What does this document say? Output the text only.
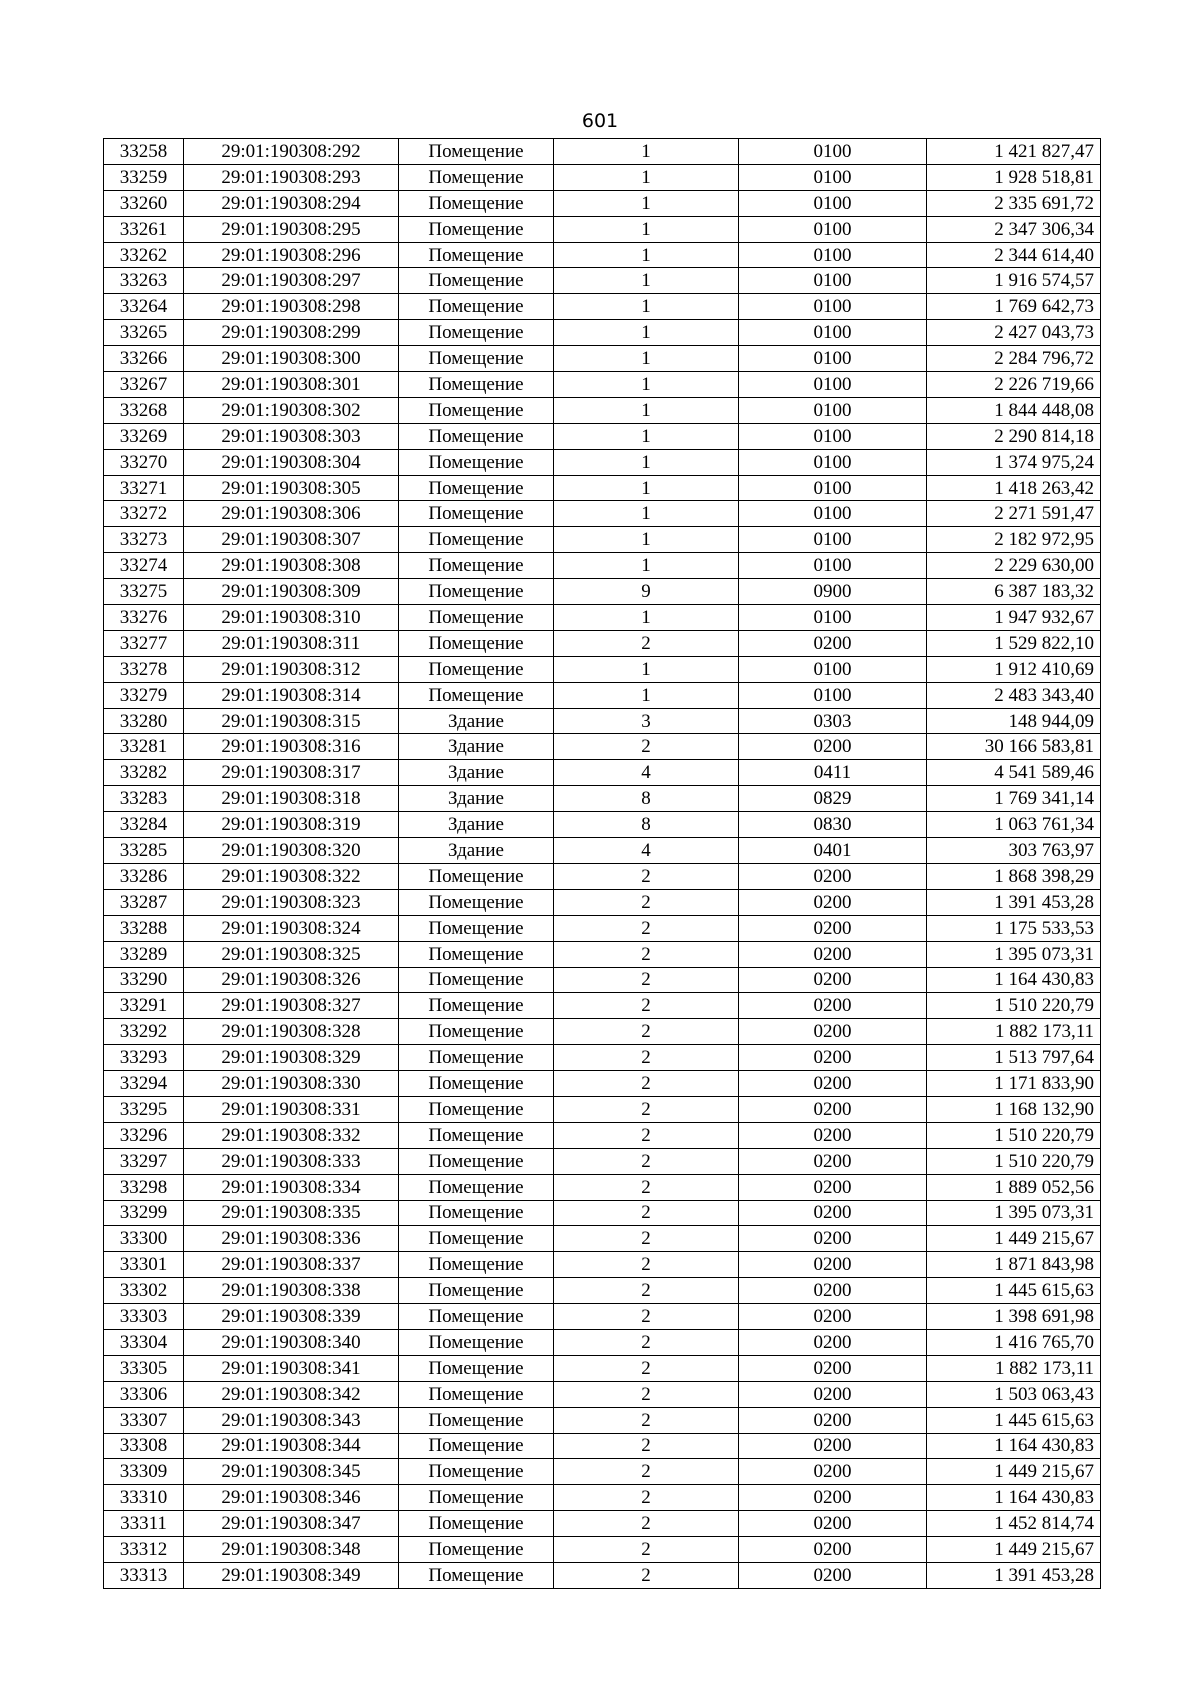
601
33258	29:01:190308:292	Помещение	1	0100	1 421 827,47
33259	29:01:190308:293	Помещение	1	0100	1 928 518,81
33260	29:01:190308:294	Помещение	1	0100	2 335 691,72
33261	29:01:190308:295	Помещение	1	0100	2 347 306,34
33262	29:01:190308:296	Помещение	1	0100	2 344 614,40
33263	29:01:190308:297	Помещение	1	0100	1 916 574,57
33264	29:01:190308:298	Помещение	1	0100	1 769 642,73
33265	29:01:190308:299	Помещение	1	0100	2 427 043,73
33266	29:01:190308:300	Помещение	1	0100	2 284 796,72
33267	29:01:190308:301	Помещение	1	0100	2 226 719,66
33268	29:01:190308:302	Помещение	1	0100	1 844 448,08
33269	29:01:190308:303	Помещение	1	0100	2 290 814,18
33270	29:01:190308:304	Помещение	1	0100	1 374 975,24
33271	29:01:190308:305	Помещение	1	0100	1 418 263,42
33272	29:01:190308:306	Помещение	1	0100	2 271 591,47
33273	29:01:190308:307	Помещение	1	0100	2 182 972,95
33274	29:01:190308:308	Помещение	1	0100	2 229 630,00
33275	29:01:190308:309	Помещение	9	0900	6 387 183,32
33276	29:01:190308:310	Помещение	1	0100	1 947 932,67
33277	29:01:190308:311	Помещение	2	0200	1 529 822,10
33278	29:01:190308:312	Помещение	1	0100	1 912 410,69
33279	29:01:190308:314	Помещение	1	0100	2 483 343,40
33280	29:01:190308:315	Здание	3	0303	148 944,09
33281	29:01:190308:316	Здание	2	0200	30 166 583,81
33282	29:01:190308:317	Здание	4	0411	4 541 589,46
33283	29:01:190308:318	Здание	8	0829	1 769 341,14
33284	29:01:190308:319	Здание	8	0830	1 063 761,34
33285	29:01:190308:320	Здание	4	0401	303 763,97
33286	29:01:190308:322	Помещение	2	0200	1 868 398,29
33287	29:01:190308:323	Помещение	2	0200	1 391 453,28
33288	29:01:190308:324	Помещение	2	0200	1 175 533,53
33289	29:01:190308:325	Помещение	2	0200	1 395 073,31
33290	29:01:190308:326	Помещение	2	0200	1 164 430,83
33291	29:01:190308:327	Помещение	2	0200	1 510 220,79
33292	29:01:190308:328	Помещение	2	0200	1 882 173,11
33293	29:01:190308:329	Помещение	2	0200	1 513 797,64
33294	29:01:190308:330	Помещение	2	0200	1 171 833,90
33295	29:01:190308:331	Помещение	2	0200	1 168 132,90
33296	29:01:190308:332	Помещение	2	0200	1 510 220,79
33297	29:01:190308:333	Помещение	2	0200	1 510 220,79
33298	29:01:190308:334	Помещение	2	0200	1 889 052,56
33299	29:01:190308:335	Помещение	2	0200	1 395 073,31
33300	29:01:190308:336	Помещение	2	0200	1 449 215,67
33301	29:01:190308:337	Помещение	2	0200	1 871 843,98
33302	29:01:190308:338	Помещение	2	0200	1 445 615,63
33303	29:01:190308:339	Помещение	2	0200	1 398 691,98
33304	29:01:190308:340	Помещение	2	0200	1 416 765,70
33305	29:01:190308:341	Помещение	2	0200	1 882 173,11
33306	29:01:190308:342	Помещение	2	0200	1 503 063,43
33307	29:01:190308:343	Помещение	2	0200	1 445 615,63
33308	29:01:190308:344	Помещение	2	0200	1 164 430,83
33309	29:01:190308:345	Помещение	2	0200	1 449 215,67
33310	29:01:190308:346	Помещение	2	0200	1 164 430,83
33311	29:01:190308:347	Помещение	2	0200	1 452 814,74
33312	29:01:190308:348	Помещение	2	0200	1 449 215,67
33313	29:01:190308:349	Помещение	2	0200	1 391 453,28
